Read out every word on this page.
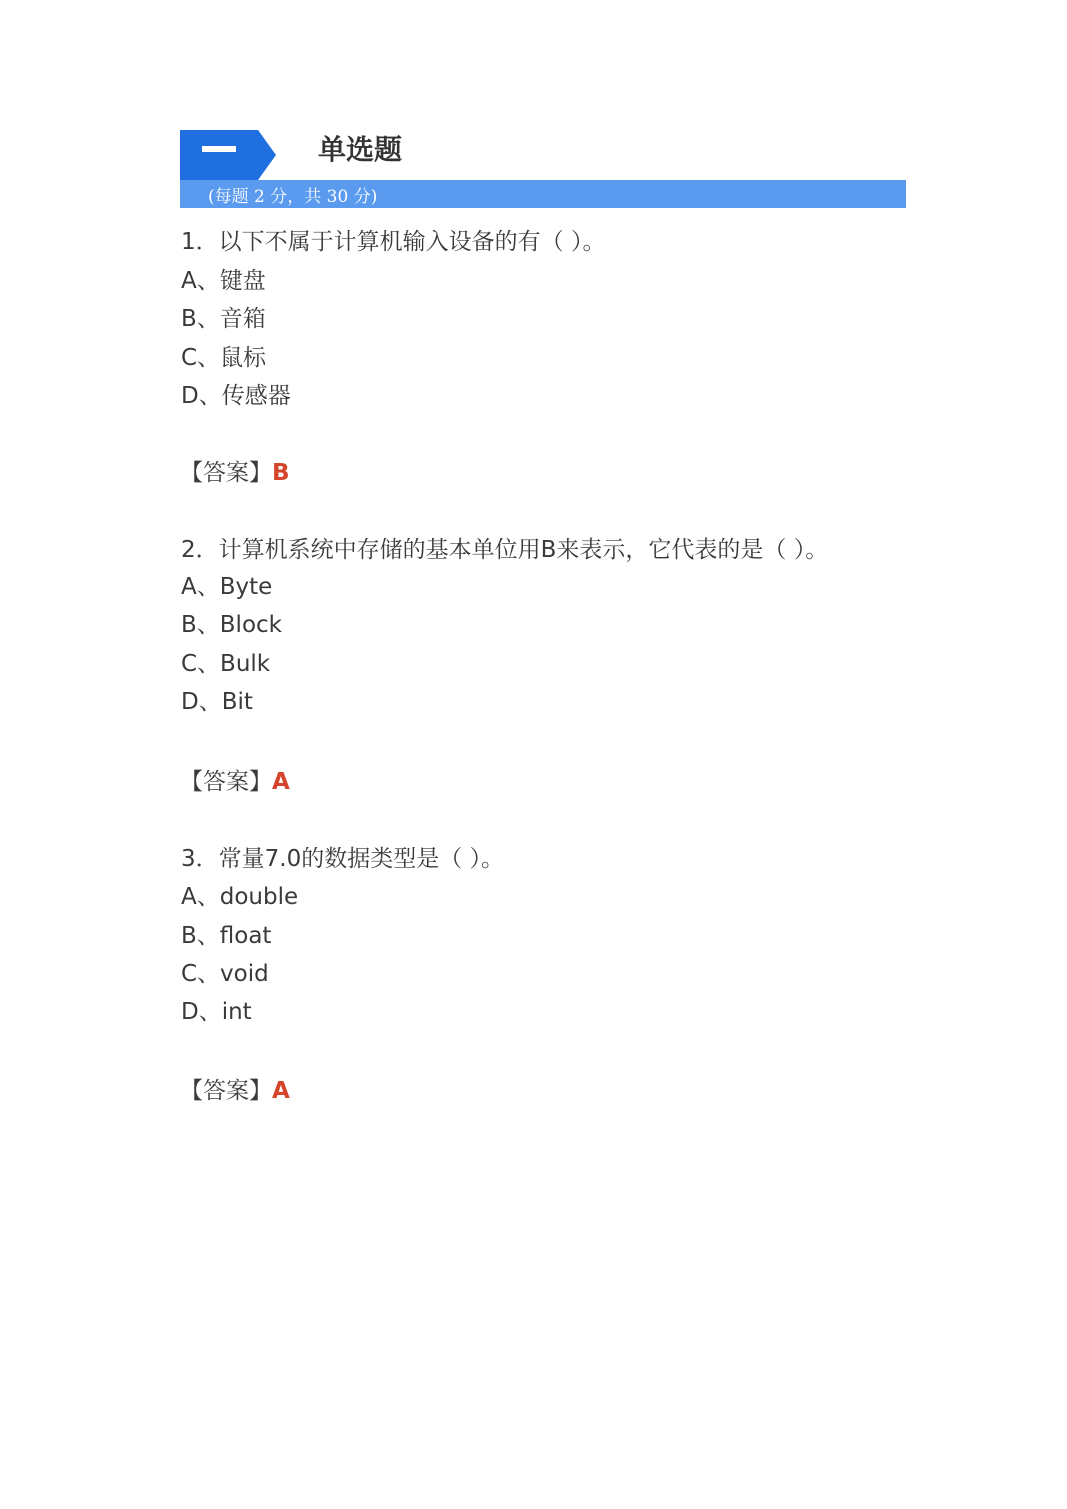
(每题 2 分，共 30 分)
单选题
1．以下不属于计算机输入设备的有（ ）。
A、键盘
B、音箱
C、鼠标
D、传感器
【答案】B
2．计算机系统中存储的基本单位用B来表示，它代表的是（ ）。
A、Byte
B、Block
C、Bulk
D、Bit
【答案】A
3．常量7.0的数据类型是（ ）。
A、double
B、float
C、void
D、int
【答案】A
